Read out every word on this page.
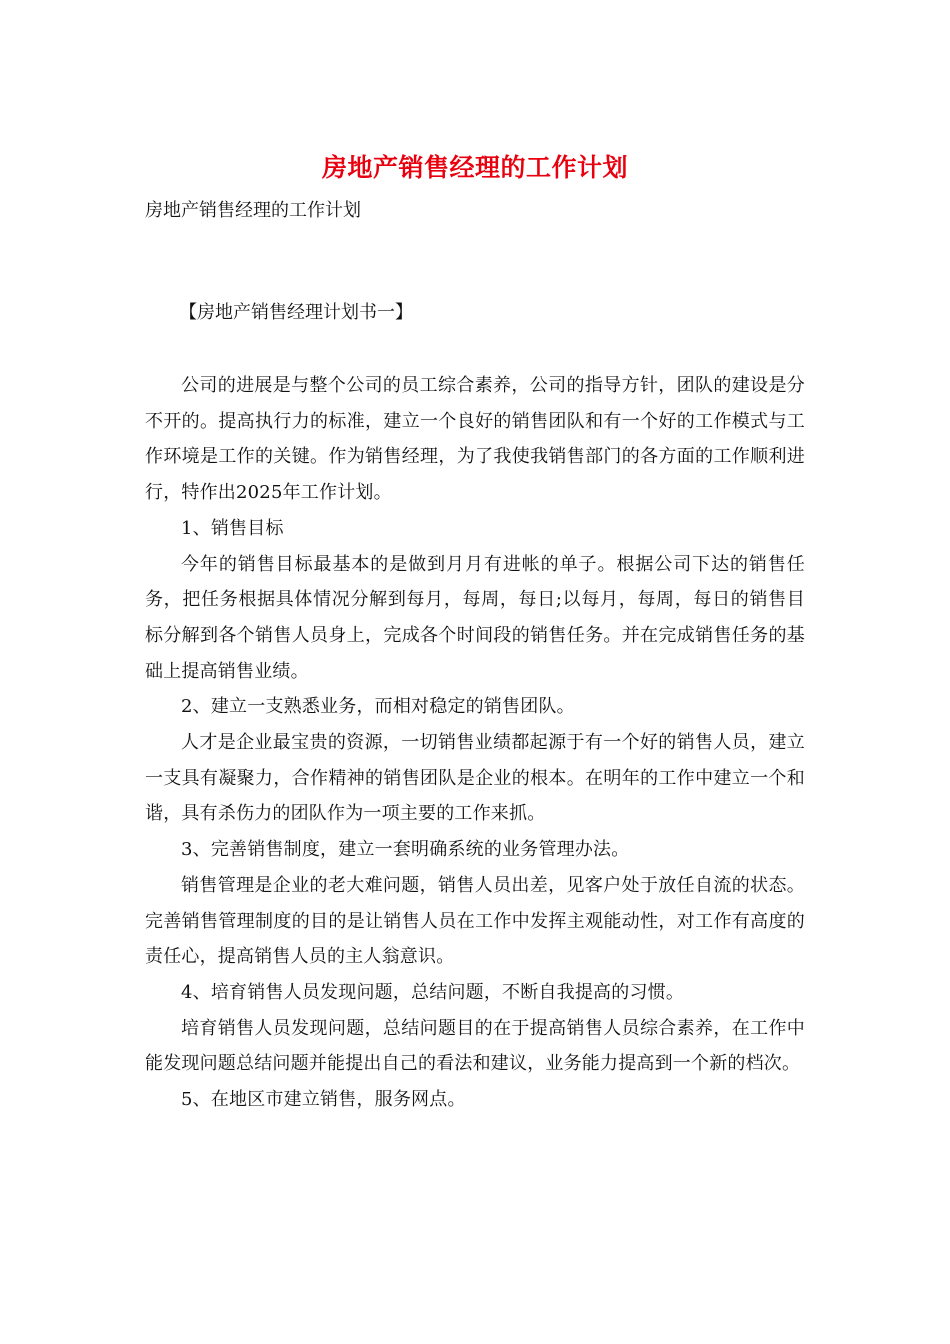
房地产销售经理的工作计划
房地产销售经理的工作计划
【房地产销售经理计划书一】

公司的进展是与整个公司的员工综合素养，公司的指导方针，团队的建设是分不开的。提高执行力的标准，建立一个良好的销售团队和有一个好的工作模式与工作环境是工作的关键。作为销售经理，为了我使我销售部门的各方面的工作顺利进行，特作出2025年工作计划。

1、销售目标

今年的销售目标最基本的是做到月月有进帐的单子。根据公司下达的销售任务，把任务根据具体情况分解到每月，每周，每日;以每月，每周，每日的销售目标分解到各个销售人员身上，完成各个时间段的销售任务。并在完成销售任务的基础上提高销售业绩。

2、建立一支熟悉业务，而相对稳定的销售团队。

人才是企业最宝贵的资源，一切销售业绩都起源于有一个好的销售人员，建立一支具有凝聚力，合作精神的销售团队是企业的根本。在明年的工作中建立一个和谐，具有杀伤力的团队作为一项主要的工作来抓。

3、完善销售制度，建立一套明确系统的业务管理办法。

销售管理是企业的老大难问题，销售人员出差，见客户处于放任自流的状态。完善销售管理制度的目的是让销售人员在工作中发挥主观能动性，对工作有高度的责任心，提高销售人员的主人翁意识。

4、培育销售人员发现问题，总结问题，不断自我提高的习惯。

培育销售人员发现问题，总结问题目的在于提高销售人员综合素养，在工作中能发现问题总结问题并能提出自己的看法和建议，业务能力提高到一个新的档次。

5、在地区市建立销售，服务网点。
